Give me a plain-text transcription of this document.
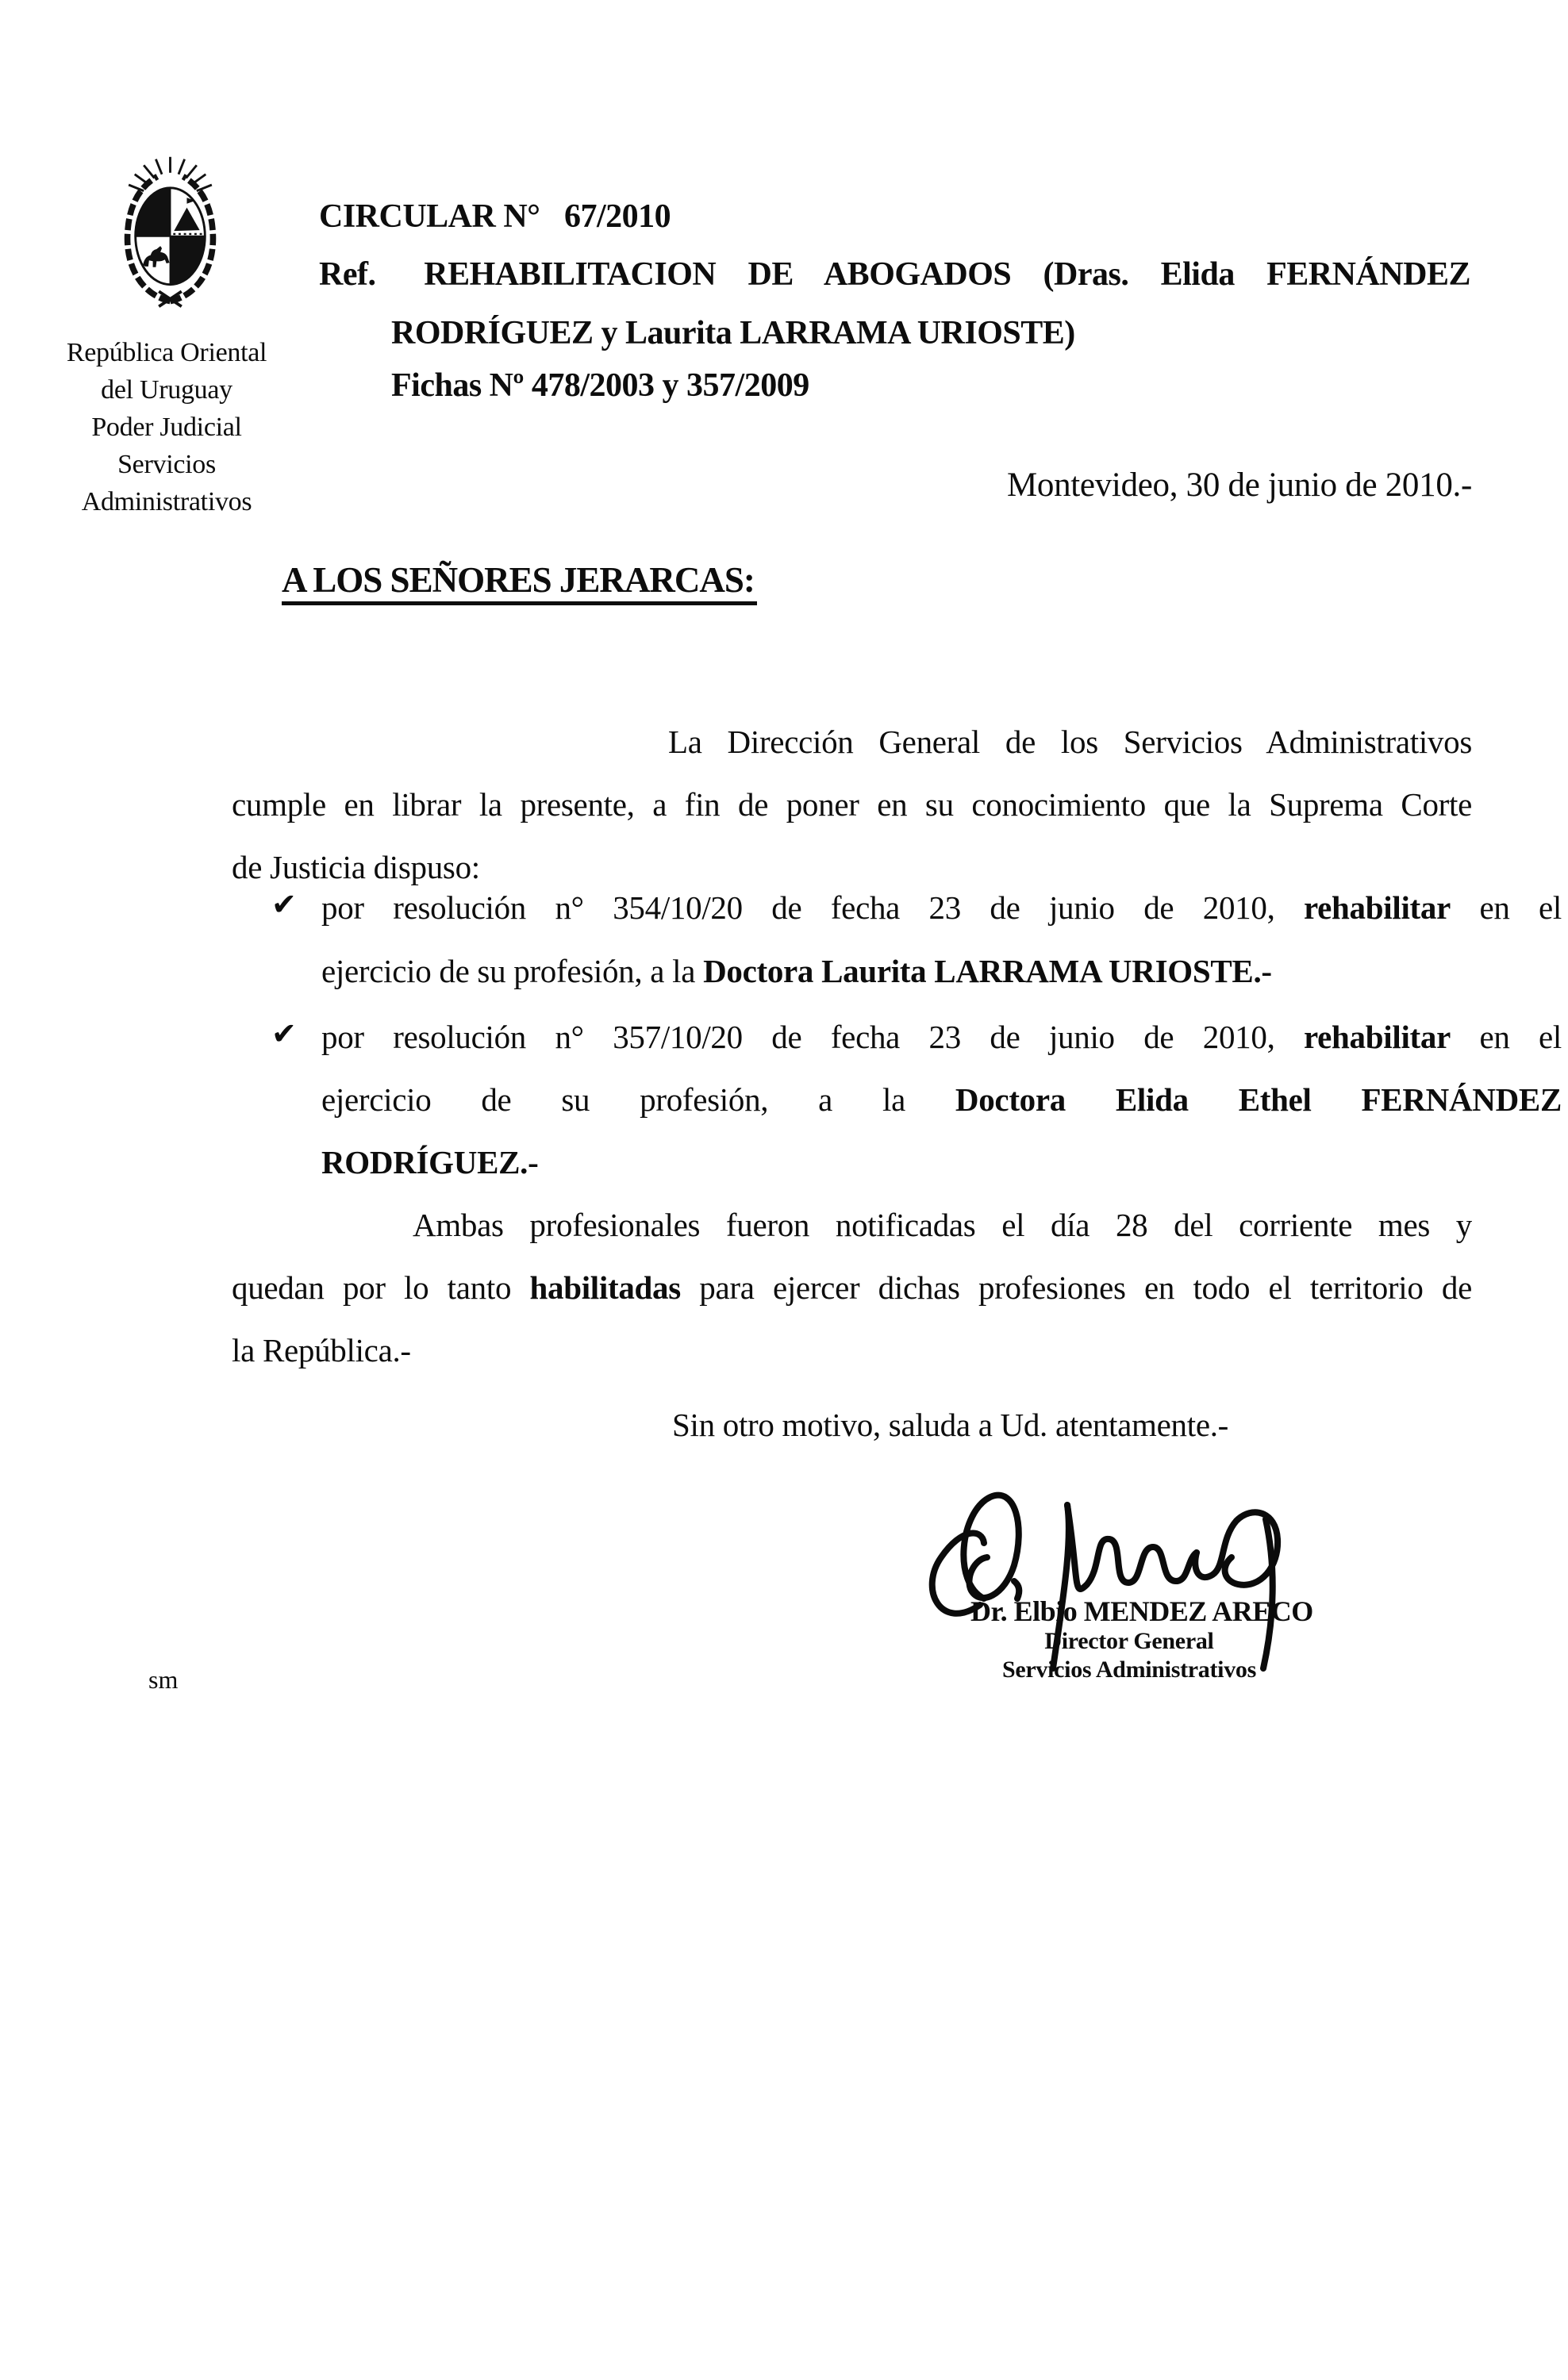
República Oriental
del Uruguay
Poder Judicial
Servicios
Administrativos
CIRCULAR N°  67/2010
Ref.  REHABILITACION DE ABOGADOS (Dras. Elida FERNÁNDEZ
RODRÍGUEZ y Laurita LARRAMA URIOSTE)
Fichas Nº 478/2003 y 357/2009
Montevideo, 30 de junio de 2010.-
A LOS SEÑORES JERARCAS:
La Dirección General de los Servicios Administrativos
cumple en librar la presente, a fin de poner en su conocimiento que la Suprema Corte
de Justicia dispuso:
✔ por resolución n° 354/10/20 de fecha 23 de junio de 2010, rehabilitar en el
ejercicio de su profesión, a la Doctora Laurita LARRAMA URIOSTE.-
✔ por resolución n° 357/10/20 de fecha 23 de junio de 2010, rehabilitar en el
ejercicio de su profesión, a la Doctora Elida Ethel FERNÁNDEZ
RODRÍGUEZ.-
Ambas profesionales fueron notificadas el día 28 del corriente mes y
quedan por lo tanto habilitadas para ejercer dichas profesiones en todo el territorio de
la República.-
Sin otro motivo, saluda a Ud. atentamente.-
Dr. Elbio MENDEZ ARECO
Director General
Servicios Administrativos
sm
